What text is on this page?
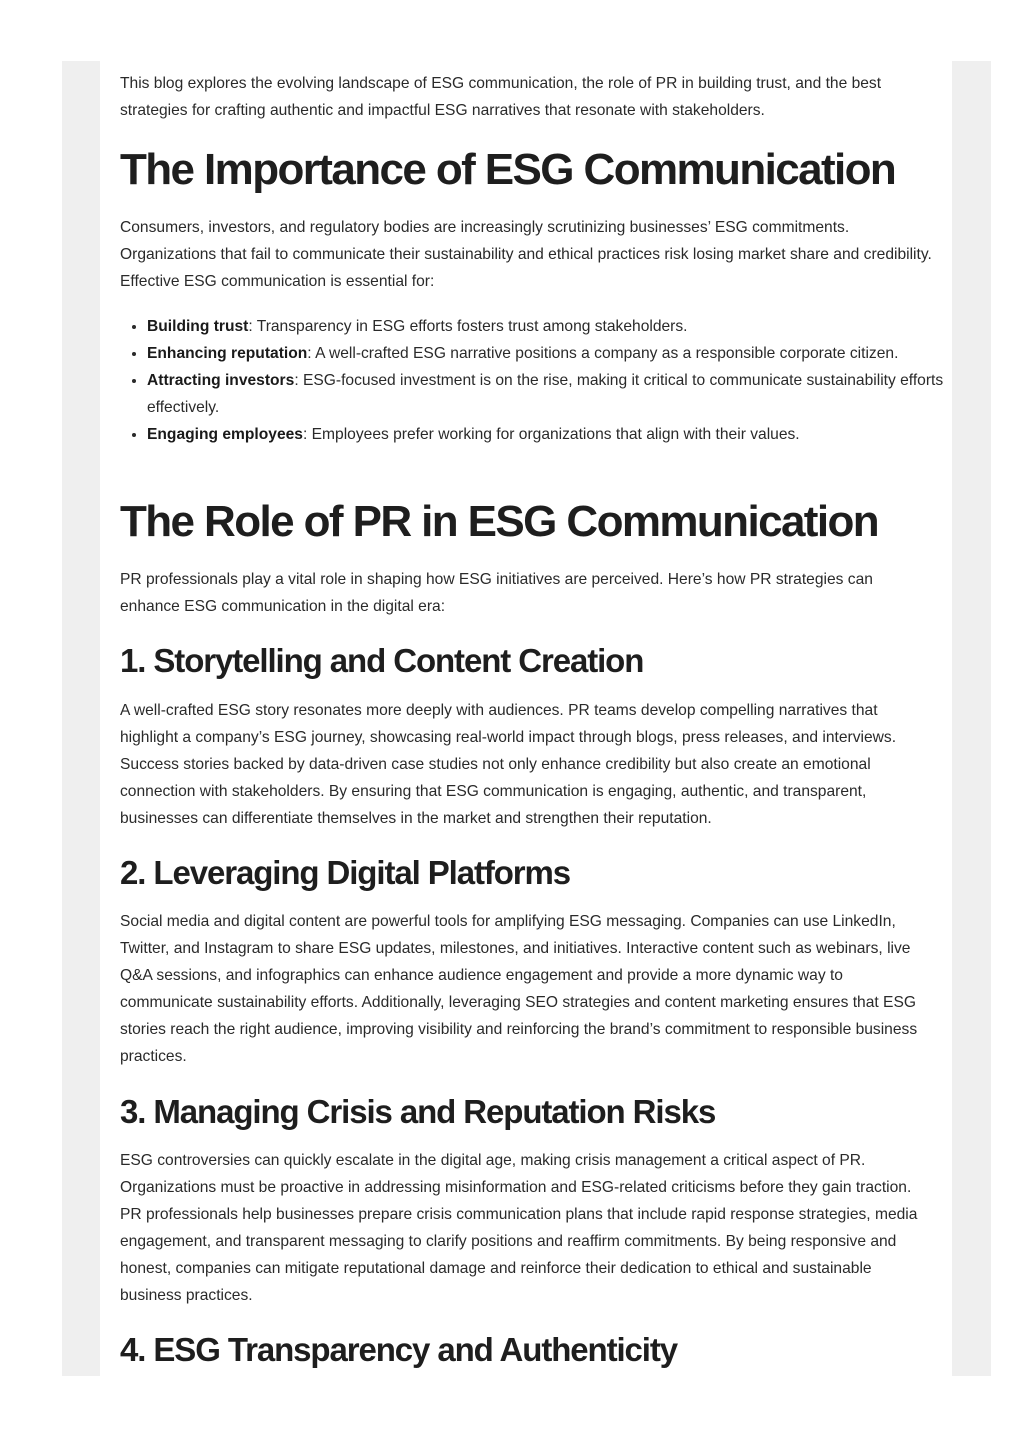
This blog explores the evolving landscape of ESG communication, the role of PR in building trust, and the best strategies for crafting authentic and impactful ESG narratives that resonate with stakeholders.

The Importance of ESG Communication

Consumers, investors, and regulatory bodies are increasingly scrutinizing businesses’ ESG commitments. Organizations that fail to communicate their sustainability and ethical practices risk losing market share and credibility. Effective ESG communication is essential for:

• Building trust: Transparency in ESG efforts fosters trust among stakeholders.
• Enhancing reputation: A well-crafted ESG narrative positions a company as a responsible corporate citizen.
• Attracting investors: ESG-focused investment is on the rise, making it critical to communicate sustainability efforts effectively.
• Engaging employees: Employees prefer working for organizations that align with their values.
The Role of PR in ESG Communication

PR professionals play a vital role in shaping how ESG initiatives are perceived. Here’s how PR strategies can enhance ESG communication in the digital era:

1. Storytelling and Content Creation

A well-crafted ESG story resonates more deeply with audiences. PR teams develop compelling narratives that highlight a company’s ESG journey, showcasing real-world impact through blogs, press releases, and interviews. Success stories backed by data-driven case studies not only enhance credibility but also create an emotional connection with stakeholders. By ensuring that ESG communication is engaging, authentic, and transparent, businesses can differentiate themselves in the market and strengthen their reputation.

2. Leveraging Digital Platforms

Social media and digital content are powerful tools for amplifying ESG messaging. Companies can use LinkedIn, Twitter, and Instagram to share ESG updates, milestones, and initiatives. Interactive content such as webinars, live Q&A sessions, and infographics can enhance audience engagement and provide a more dynamic way to communicate sustainability efforts. Additionally, leveraging SEO strategies and content marketing ensures that ESG stories reach the right audience, improving visibility and reinforcing the brand’s commitment to responsible business practices.

3. Managing Crisis and Reputation Risks

ESG controversies can quickly escalate in the digital age, making crisis management a critical aspect of PR. Organizations must be proactive in addressing misinformation and ESG-related criticisms before they gain traction. PR professionals help businesses prepare crisis communication plans that include rapid response strategies, media engagement, and transparent messaging to clarify positions and reaffirm commitments. By being responsive and honest, companies can mitigate reputational damage and reinforce their dedication to ethical and sustainable business practices.

4. ESG Transparency and Authenticity
